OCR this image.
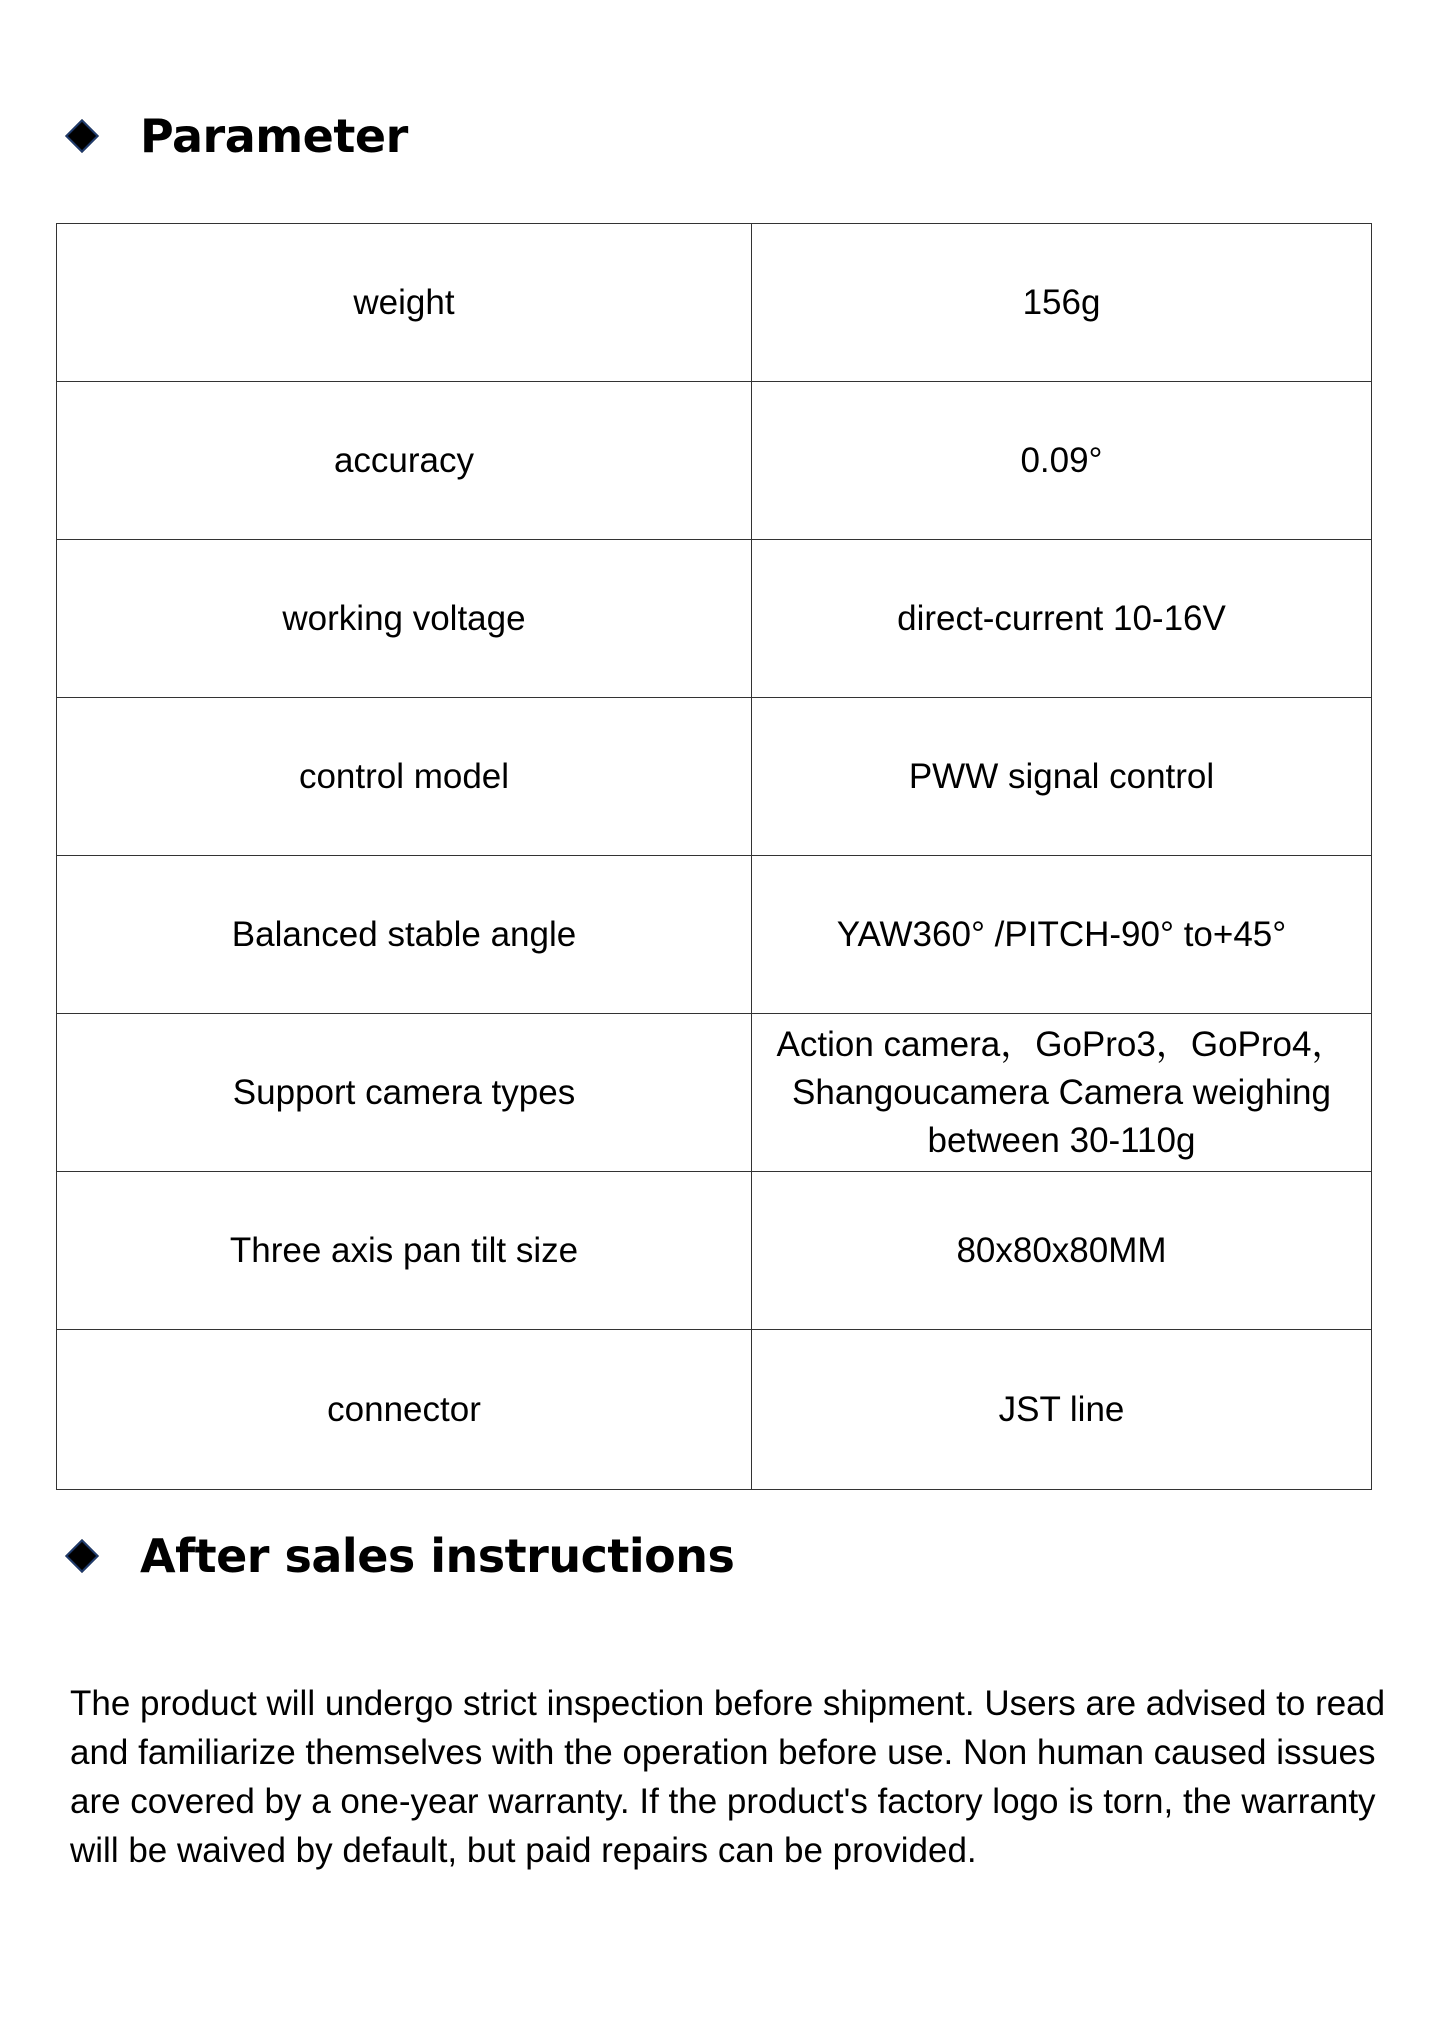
Parameter
weight	156g
accuracy	0.09°
working voltage	direct-current 10-16V
control model	PWW signal control
Balanced stable angle	YAW360° /PITCH-90° to+45°
Support camera types	Action camera，GoPro3，GoPro4，Shangoucamera Camera weighing between 30-110g
Three axis pan tilt size	80x80x80MM
connector	JST line
After sales instructions

The product will undergo strict inspection before shipment. Users are advised to read and familiarize themselves with the operation before use. Non human caused issues are covered by a one-year warranty. If the product's factory logo is torn, the warranty will be waived by default, but paid repairs can be provided.
